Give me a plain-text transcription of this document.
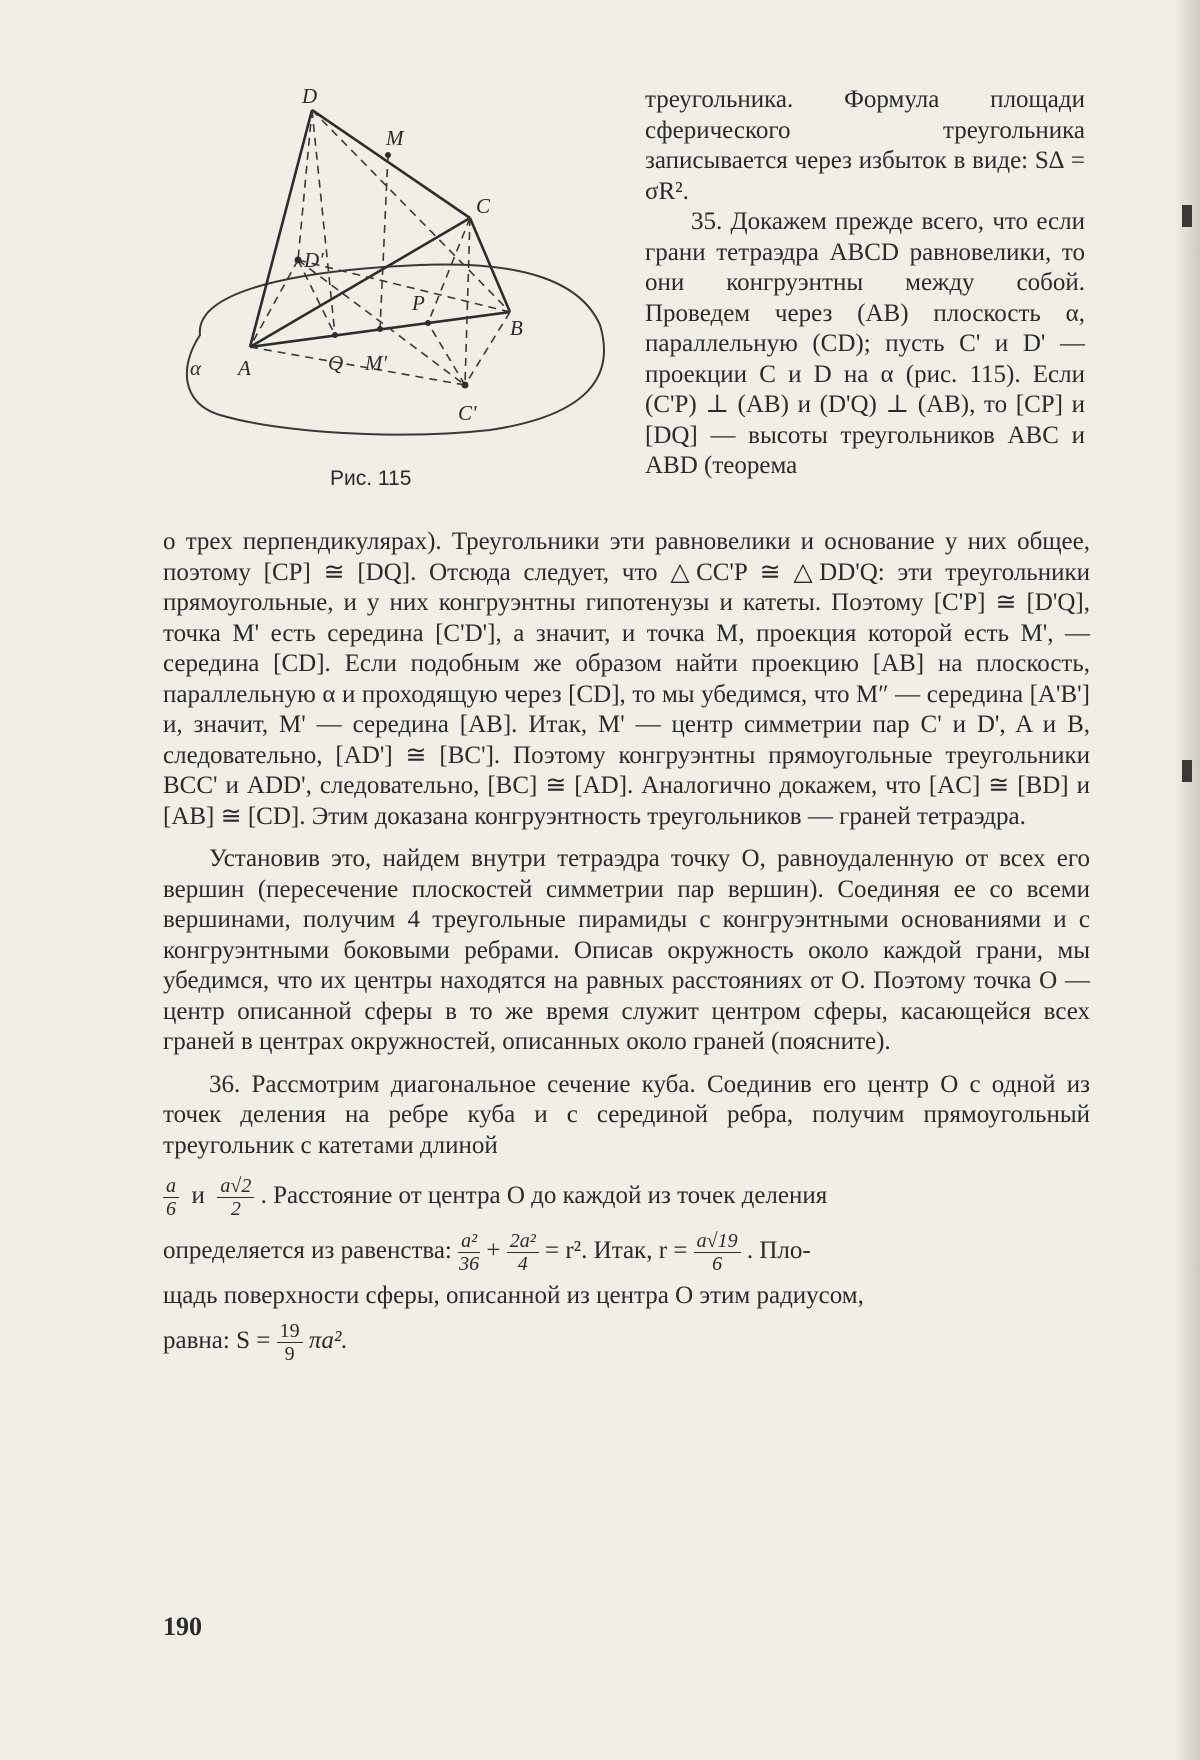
D
M
C
D'
P
B
A	Q M'
C'
α
Рис. 115

треугольника. Формула площади сферического треугольника записывается через избыток в виде: S∆ = σR².

35. Докажем прежде всего, что если грани тетраэдра ABCD равновелики, то они конгруэнтны между собой. Проведем через (AB) плоскость α, параллельную (CD); пусть C' и D' — проекции C и D на α (рис. 115). Если (C'P) ⊥ (AB) и (D'Q) ⊥ (AB), то [CP] и [DQ] — высоты треугольников ABC и ABD (теорема

о трех перпендикулярах). Треугольники эти равновелики и основание у них общее, поэтому [CP] ≅ [DQ]. Отсюда следует, что △CC'P ≅ △DD'Q: эти треугольники прямоугольные, и у них конгруэнтны гипотенузы и катеты. Поэтому [C'P] ≅ [D'Q], точка M' есть середина [C'D'], а значит, и точка M, проекция которой есть M', — середина [CD]. Если подобным же образом найти проекцию [AB] на плоскость, параллельную α и проходящую через [CD], то мы убедимся, что M″ — середина [A'B'] и, значит, M' — середина [AB]. Итак, M' — центр симметрии пар C' и D', A и B, следовательно, [AD'] ≅ [BC']. Поэтому конгруэнтны прямоугольные треугольники BCC' и ADD', следовательно, [BC] ≅ [AD]. Аналогично докажем, что [AC] ≅ [BD] и [AB] ≅ [CD]. Этим доказана конгруэнтность треугольников — граней тетраэдра.

Установив это, найдем внутри тетраэдра точку O, равноудаленную от всех его вершин (пересечение плоскостей симметрии пар вершин). Соединяя ее со всеми вершинами, получим 4 треугольные пирамиды с конгруэнтными основаниями и с конгруэнтными боковыми ребрами. Описав окружность около каждой грани, мы убедимся, что их центры находятся на равных расстояниях от O. Поэтому точка O — центр описанной сферы в то же время служит центром сферы, касающейся всех граней в центрах окружностей, описанных около граней (поясните).

36. Рассмотрим диагональное сечение куба. Соединив его центр O с одной из точек деления на ребре куба и с серединой ребра, получим прямоугольный треугольник с катетами длиной

$\frac{a}{6}$ и $\frac{a√2}{2}$ . Расстояние от центра O до каждой из точек деления

определяется из равенства: $\frac{\text{a²}}{36} + \frac{\text{2a²}}{4} = r^2$. Итак, $r = \frac{a√19}{6}$ . Пло-

щадь поверхности сферы, описанной из центра O этим радиусом,

равна: $S = \frac{19}{9} \pi a^2$.

190
